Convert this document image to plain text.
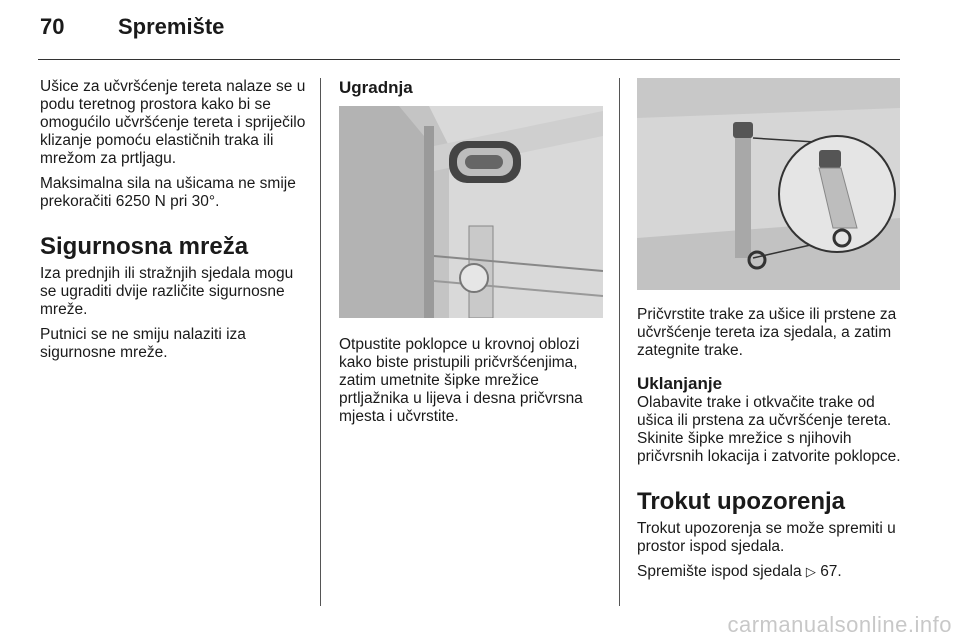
70 Spremište

Ušice za učvršćenje tereta nalaze se u podu teretnog prostora kako bi se omogućilo učvršćenje tereta i spriječilo klizanje pomoću elastičnih traka ili mrežom za prtljagu.

Maksimalna sila na ušicama ne smije prekoračiti 6250 N pri 30°.

Sigurnosna mreža

Iza prednjih ili stražnjih sjedala mogu se ugraditi dvije različite sigurnosne mreže.

Putnici se ne smiju nalaziti iza sigurnosne mreže.

Ugradnja

Otpustite poklopce u krovnoj oblozi kako biste pristupili pričvršćenjima, zatim umetnite šipke mrežice prtljažnika u lijeva i desna pričvrsna mjesta i učvrstite.

Pričvrstite trake za ušice ili prstene za učvršćenje tereta iza sjedala, a zatim zategnite trake.

Uklanjanje

Olabavite trake i otkvačite trake od ušica ili prstena za učvršćenje tereta. Skinite šipke mrežice s njihovih pričvrsnih lokacija i zatvorite poklopce.

Trokut upozorenja

Trokut upozorenja se može spremiti u prostor ispod sjedala.

Spremište ispod sjedala ▷ 67.

carmanualsonline.info
